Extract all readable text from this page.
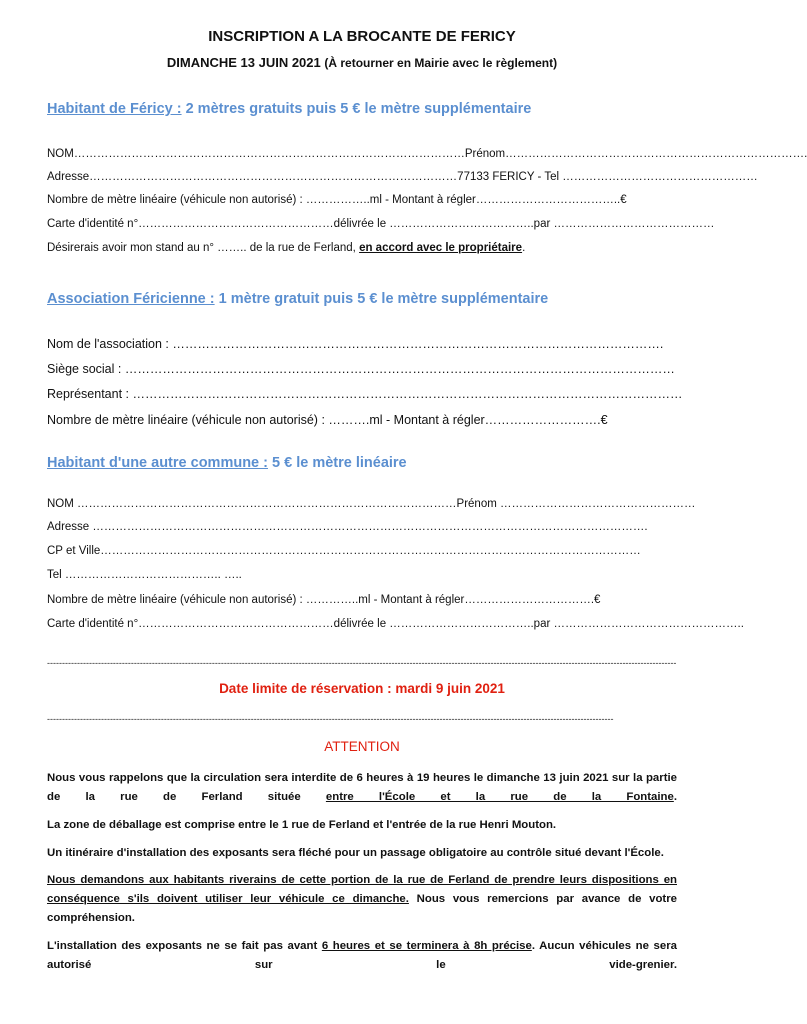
INSCRIPTION A LA BROCANTE DE FERICY
DIMANCHE 13 JUIN 2021 (À retourner en Mairie avec le règlement)
Habitant de Féricy : 2 mètres gratuits puis 5 € le mètre supplémentaire
NOM…………………………………………………………………………………………Prénom…………………………………………………………………….
Adresse……………………………………………………………………………………77133 FERICY - Tel ……………………………………………
Nombre de mètre linéaire (véhicule non autorisé) : ……………..ml - Montant à régler………………………………..€
Carte d'identité n°……………………………………………délivrée le ………………………………..par ……………………………………
Désirerais avoir mon stand au n° …….. de la rue de Ferland, en accord avec le propriétaire.
Association Féricienne : 1 mètre gratuit puis 5 € le mètre supplémentaire
Nom de l'association : ……………………………………………………………………………………………………….
Siège social : ……………………………………………………………………………………………………………………
Représentant : ……………………………………………………………………………………………………………………
Nombre de mètre linéaire (véhicule non autorisé) : ……….ml - Montant à régler……………………….€
Habitant d'une autre commune : 5 € le mètre linéaire
NOM ………………………………………………………………………………………Prénom ……………………………………………
Adresse ……………………………………………………………………………………………………………………………….
CP et Ville……………………………………………………………………………………………………………………………
Tel ………………………………….. …..
Nombre de mètre linéaire (véhicule non autorisé) : …………..ml - Montant à régler…………………………….€
Carte d'identité n°……………………………………………délivrée le ………………………………..par …………………………………………..
------------------------------------------------------------------------------------------------------------------------------------------------------------------------------------------------------------------
Date limite de réservation : mardi 9 juin 2021
---------------------------------------------------------------------------------------------------------------------------------------------------------------------------------------------
ATTENTION
Nous vous rappelons que la circulation sera interdite de 6 heures à 19 heures le dimanche 13 juin 2021 sur la partie de la rue de Ferland située entre l'École et la rue de la Fontaine.
La zone de déballage est comprise entre le 1 rue de Ferland et l'entrée de la rue Henri Mouton.
Un itinéraire d'installation des exposants sera fléché pour un passage obligatoire au contrôle situé devant l'École.
Nous demandons aux habitants riverains de cette portion de la rue de Ferland de prendre leurs dispositions en conséquence s'ils doivent utiliser leur véhicule ce dimanche. Nous vous remercions par avance de votre compréhension.
L'installation des exposants ne se fait pas avant 6 heures et se terminera à 8h précise. Aucun véhicules ne sera autorisé sur le vide-grenier.
